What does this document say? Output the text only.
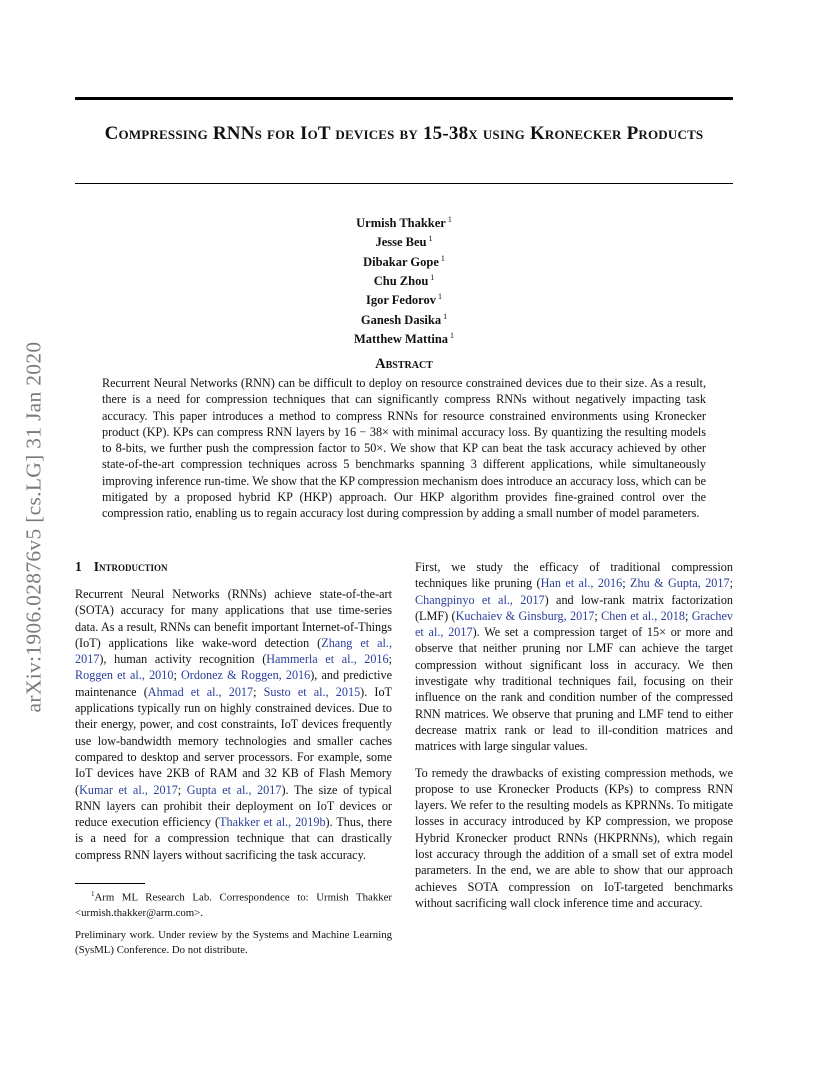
arXiv:1906.02876v5 [cs.LG] 31 Jan 2020
Compressing RNNs for IoT devices by 15-38x using Kronecker Products
Urmish Thakker $^1$
Jesse Beu $^1$
Dibakar Gope $^1$
Chu Zhou $^1$
Igor Fedorov $^1$
Ganesh Dasika $^1$
Matthew Mattina $^1$
Abstract

Recurrent Neural Networks (RNN) can be difficult to deploy on resource constrained devices due to their size. As a result, there is a need for compression techniques that can significantly compress RNNs without negatively impacting task accuracy. This paper introduces a method to compress RNNs for resource constrained environments using Kronecker product (KP). KPs can compress RNN layers by 16 − 38× with minimal accuracy loss. By quantizing the resulting models to 8-bits, we further push the compression factor to 50×. We show that KP can beat the task accuracy achieved by other state-of-the-art compression techniques across 5 benchmarks spanning 3 different applications, while simultaneously improving inference run-time. We show that the KP compression mechanism does introduce an accuracy loss, which can be mitigated by a proposed hybrid KP (HKP) approach. Our HKP algorithm provides fine-grained control over the compression ratio, enabling us to regain accuracy lost during compression by adding a small number of model parameters.

1 Introduction

Recurrent Neural Networks (RNNs) achieve state-of-the-art (SOTA) accuracy for many applications that use time-series data. As a result, RNNs can benefit important Internet-of-Things (IoT) applications like wake-word detection (Zhang et al., 2017), human activity recognition (Hammerla et al., 2016; Roggen et al., 2010; Ordonez & Roggen, 2016), and predictive maintenance (Ahmad et al., 2017; Susto et al., 2015). IoT applications typically run on highly constrained devices. Due to their energy, power, and cost constraints, IoT devices frequently use low-bandwidth memory technologies and smaller caches compared to desktop and server processors. For example, some IoT devices have 2KB of RAM and 32 KB of Flash Memory (Kumar et al., 2017; Gupta et al., 2017). The size of typical RNN layers can prohibit their deployment on IoT devices or reduce execution efficiency (Thakker et al., 2019b). Thus, there is a need for a compression technique that can drastically compress RNN layers without sacrificing the task accuracy.

First, we study the efficacy of traditional compression techniques like pruning (Han et al., 2016; Zhu & Gupta, 2017; Changpinyo et al., 2017) and low-rank matrix factorization (LMF) (Kuchaiev & Ginsburg, 2017; Chen et al., 2018; Grachev et al., 2017). We set a compression target of 15× or more and observe that neither pruning nor LMF can achieve the target compression without significant loss in accuracy. We then investigate why traditional techniques fail, focusing on their influence on the rank and condition number of the compressed RNN matrices. We observe that pruning and LMF tend to either decrease matrix rank or lead to ill-condition matrices and matrices with large singular values.

To remedy the drawbacks of existing compression methods, we propose to use Kronecker Products (KPs) to compress RNN layers. We refer to the resulting models as KPRNNs. To mitigate losses in accuracy introduced by KP compression, we propose Hybrid Kronecker product RNNs (HKPRNNs), which regain lost accuracy through the addition of a small set of extra model parameters. In the end, we are able to show that our approach achieves SOTA compression on IoT-targeted benchmarks without sacrificing wall clock inference time and accuracy.

$^1$Arm ML Research Lab. Correspondence to: Urmish Thakker <urmish.thakker@arm.com>.
Preliminary work. Under review by the Systems and Machine Learning (SysML) Conference. Do not distribute.
